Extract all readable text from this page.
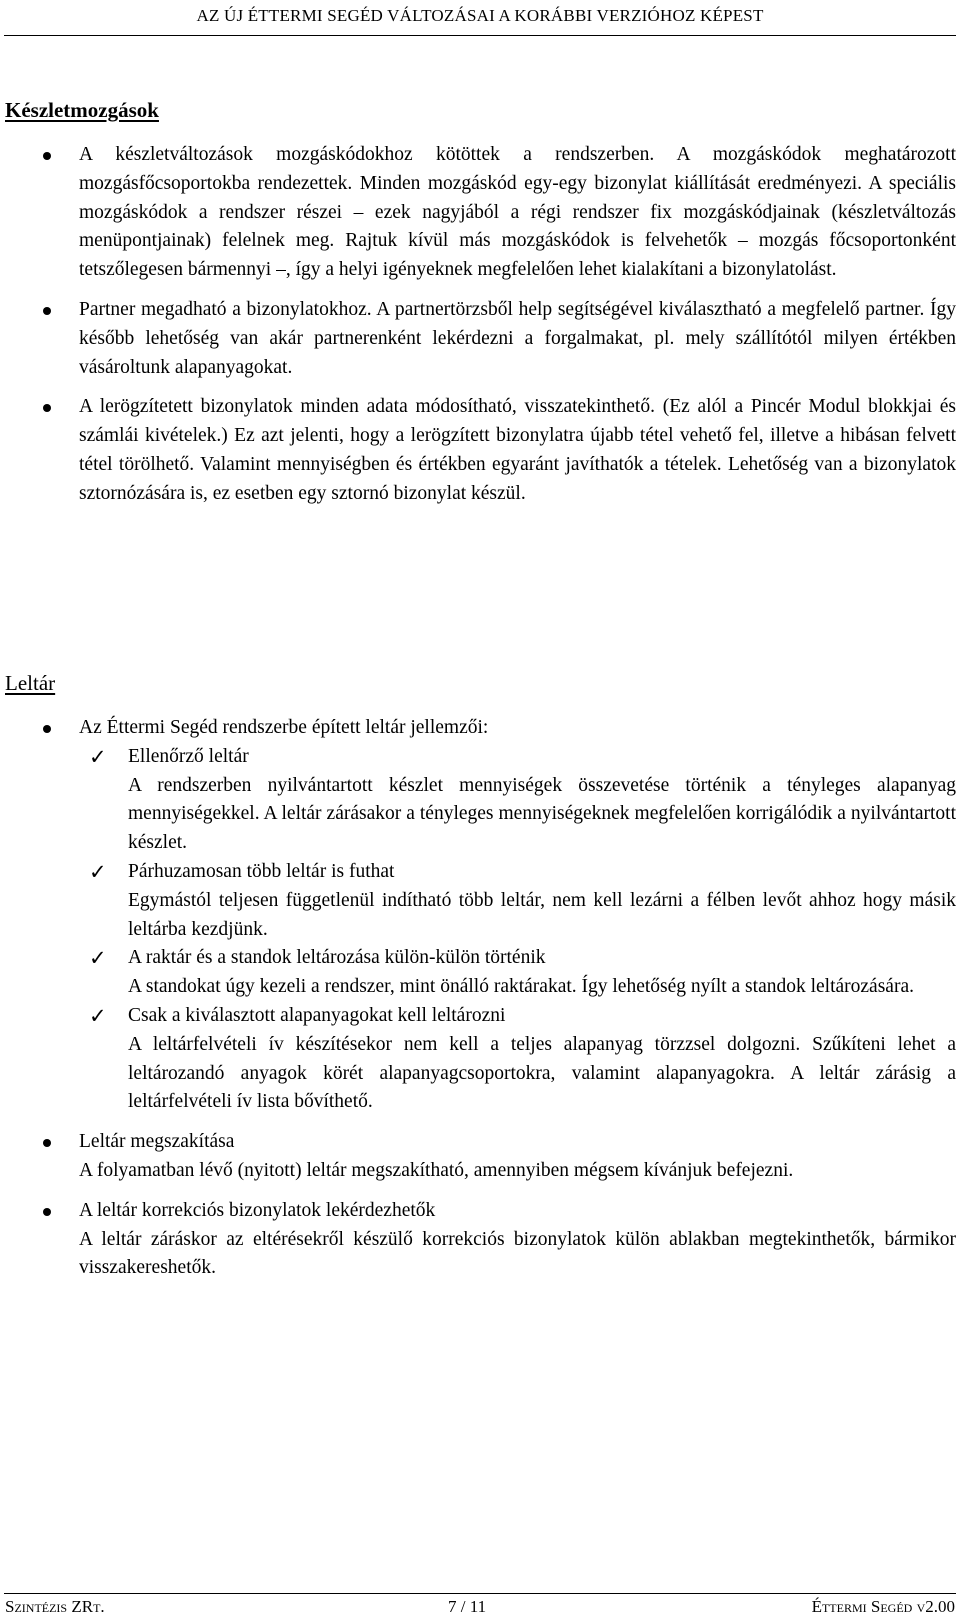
AZ ÚJ ÉTTERMI SEGÉD VÁLTOZÁSAI A KORÁBBI VERZIÓHOZ KÉPEST
Készletmozgások
A készletváltozások mozgáskódokhoz kötöttek a rendszerben. A mozgáskódok meghatározott mozgásfőcsoportokba rendezettek. Minden mozgáskód egy-egy bizonylat kiállítását eredményezi. A speciális mozgáskódok a rendszer részei – ezek nagyjából a régi rendszer fix mozgáskódjainak (készletváltozás menüpontjainak) felelnek meg. Rajtuk kívül más mozgáskódok is felvehetők – mozgás főcsoportonként tetszőlegesen bármennyi –, így a helyi igényeknek megfelelően lehet kialakítani a bizonylatolást.
Partner megadható a bizonylatokhoz. A partnertörzsből help segítségével kiválasztható a megfelelő partner. Így később lehetőség van akár partnerenként lekérdezni a forgalmakat, pl. mely szállítótól milyen értékben vásároltunk alapanyagokat.
A lerögzítetett bizonylatok minden adata módosítható, visszatekinthető. (Ez alól a Pincér Modul blokkjai és számlái kivételek.) Ez azt jelenti, hogy a lerögzített bizonylatra újabb tétel vehető fel, illetve a hibásan felvett tétel törölhető. Valamint mennyiségben és értékben egyaránt javíthatók a tételek. Lehetőség van a bizonylatok sztornózására is, ez esetben egy sztornó bizonylat készül.
Leltár
Az Éttermi Segéd rendszerbe épített leltár jellemzői:
✓ Ellenőrző leltár
A rendszerben nyilvántartott készlet mennyiségek összevetése történik a tényleges alapanyag mennyiségekkel. A leltár zárásakor a tényleges mennyiségeknek megfelelően korrigálódik a nyilvántartott készlet.
✓ Párhuzamosan több leltár is futhat
Egymástól teljesen függetlenül indítható több leltár, nem kell lezárni a félben levőt ahhoz hogy másik leltárba kezdjünk.
✓ A raktár és a standok leltározása külön-külön történik
A standokat úgy kezeli a rendszer, mint önálló raktárakat. Így lehetőség nyílt a standok leltározására.
✓ Csak a kiválasztott alapanyagokat kell leltározni
A leltárfelvételi ív készítésekor nem kell a teljes alapanyag törzzsel dolgozni. Szűkíteni lehet a leltározandó anyagok körét alapanyagcsoportokra, valamint alapanyagokra. A leltár zárásig a leltárfelvételi ív lista bővíthető.
Leltár megszakítása
A folyamatban lévő (nyitott) leltár megszakítható, amennyiben mégsem kívánjuk befejezni.
A leltár korrekciós bizonylatok lekérdezhetők
A leltár záráskor az eltérésekről készülő korrekciós bizonylatok külön ablakban megtekinthetők, bármikor visszakereshetők.
Szintézis ZRt.	7 / 11	Éttermi Segéd v2.00
